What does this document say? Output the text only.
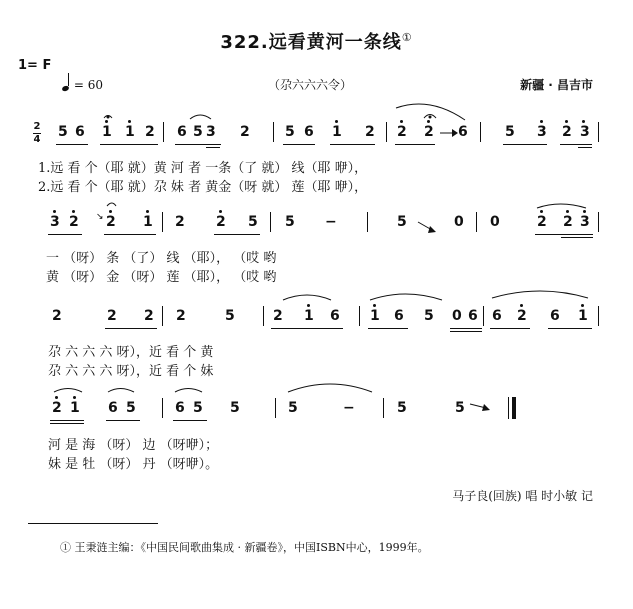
322.远看黄河一条线①
1= F
= 60	（尕六六六令）	新疆 · 昌吉市
2
4 5 6 1 1 2 6 5 3 2	5 6 1 2 2 2 6	5 3 2 3
1.远 看 个（耶 就）黄 河 者 一条（了 就） 线（耶 咿），
2.远 看 个（耶 就）尕 妹 者 黄金（呀 就） 莲（耶 咿），
3 2 2 1 2 2 5 5 −	5	0 0	2 2 3
一 （呀） 条 （了） 线 （耶）， （哎 哟
黄 （呀） 金 （呀） 莲 （耶）， （哎 哟
2	2 2 2	5	2 1 6 1 6 5 0 6 6 2 6 1
尕 六 六 六 呀），近 看 个 黄
尕 六 六 六 呀），近 看 个 妹
2 1 6 5	6 5 5	5	−	5	5
河 是 海 （呀） 边 （呀咿）；
妹 是 牡 （呀） 丹 （呀咿）。
↘
马子良(回族) 唱 时小敏 记
① 王秉涟主编：《中国民间歌曲集成 · 新疆卷》，中国ISBN中心，1999年。
